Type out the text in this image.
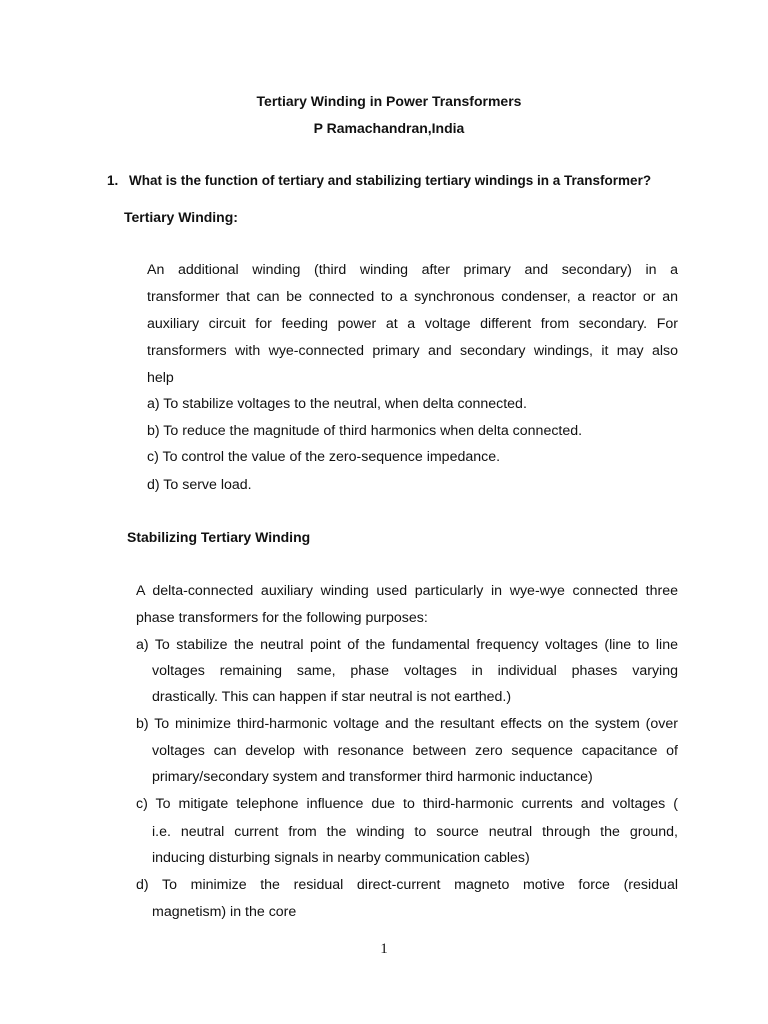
Tertiary Winding in Power Transformers
P Ramachandran,India
1. What is the function of tertiary and stabilizing tertiary windings in a Transformer?
Tertiary Winding:
An additional winding (third winding after primary and secondary) in a
transformer that can be connected to a synchronous condenser, a reactor or an
auxiliary circuit for feeding power at a voltage different from secondary. For
transformers with wye-connected primary and secondary windings, it may also
help
a) To stabilize voltages to the neutral, when delta connected.
b) To reduce the magnitude of third harmonics when delta connected.
c) To control the value of the zero-sequence impedance.
d) To serve load.
Stabilizing Tertiary Winding
A delta-connected auxiliary winding used particularly in wye-wye connected three
phase transformers for the following purposes:
a) To stabilize the neutral point of the fundamental frequency voltages (line to line
voltages remaining same, phase voltages in individual phases varying
drastically. This can happen if star neutral is not earthed.)
b) To minimize third-harmonic voltage and the resultant effects on the system (over
voltages can develop with resonance between zero sequence capacitance of
primary/secondary system and transformer third harmonic inductance)
c) To mitigate telephone influence due to third-harmonic currents and voltages (
i.e. neutral current from the winding to source neutral through the ground,
inducing disturbing signals in nearby communication cables)
d) To minimize the residual direct-current magneto motive force (residual
magnetism) in the core
1
